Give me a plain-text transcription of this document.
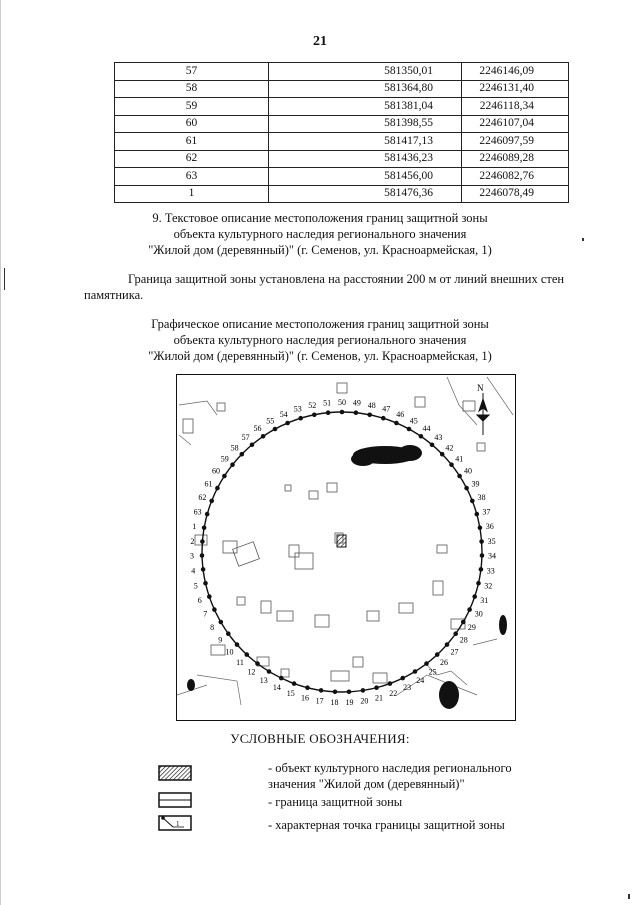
21
57	581350,01	2246146,09
58	581364,80	2246131,40
59	581381,04	2246118,34
60	581398,55	2246107,04
61	581417,13	2246097,59
62	581436,23	2246089,28
63	581456,00	2246082,76
1	581476,36	2246078,49
9. Текстовое описание местоположения границ защитной зоны
объекта культурного наследия регионального значения
"Жилой дом (деревянный)" (г. Семенов, ул. Красноармейская, 1)
Граница защитной зоны установлена на расстоянии 200 м от линий внешних стен
памятника.
Графическое описание местоположения границ защитной зоны
объекта культурного наследия регионального значения
"Жилой дом (деревянный)" (г. Семенов, ул. Красноармейская, 1)
N
1
2
3
4
5
6
7
8
9
10
11
12
13
14
15 16 17 18 19 20 21 22
23
24
25
26
27
28
29
30
31
32
33
34
35
36
37
38
39
40
41
42
43
44
45
46
47
48
49
50
51
52
53
54
55
56
57
58
59
60
61
62
63
УСЛОВНЫЕ ОБОЗНАЧЕНИЯ:
- объект культурного наследия регионального
значения "Жилой дом (деревянный)"
- граница защитной зоны
1	- характерная точка границы защитной зоны
